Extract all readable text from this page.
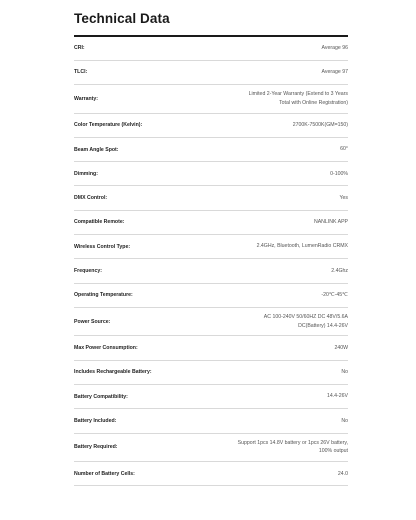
Technical Data
CRI:	Average 96
TLCI:	Average 97
Warranty:
Limited 2-Year Warranty (Extend to 3 Years
Total with Online Registration)
Color Temperature (Kelvin):	2700K-7500K(GM=150)
Beam Angle Spot:	60°
Dimming:	0-100%
DMX Control:	Yes
Compatible Remote:	NANLINK APP
Wireless Control Type:	2.4GHz, Bluetooth, LumenRadio CRMX
Frequency:	2.4Ghz
Operating Temperature:	-20℃-45℃
Power Source:
AC 100-240V 50/60HZ DC 48V/5.6A
DC(Battery) 14.4-26V
Max Power Consumption:	240W
Includes Rechargeable Battery:	No
Battery Compatibility:	14.4-26V
Battery Included:	No
Battery Required:
Support 1pcs 14.8V battery or 1pcs 26V battery,
100% output
Number of Battery Cells:	24.0
